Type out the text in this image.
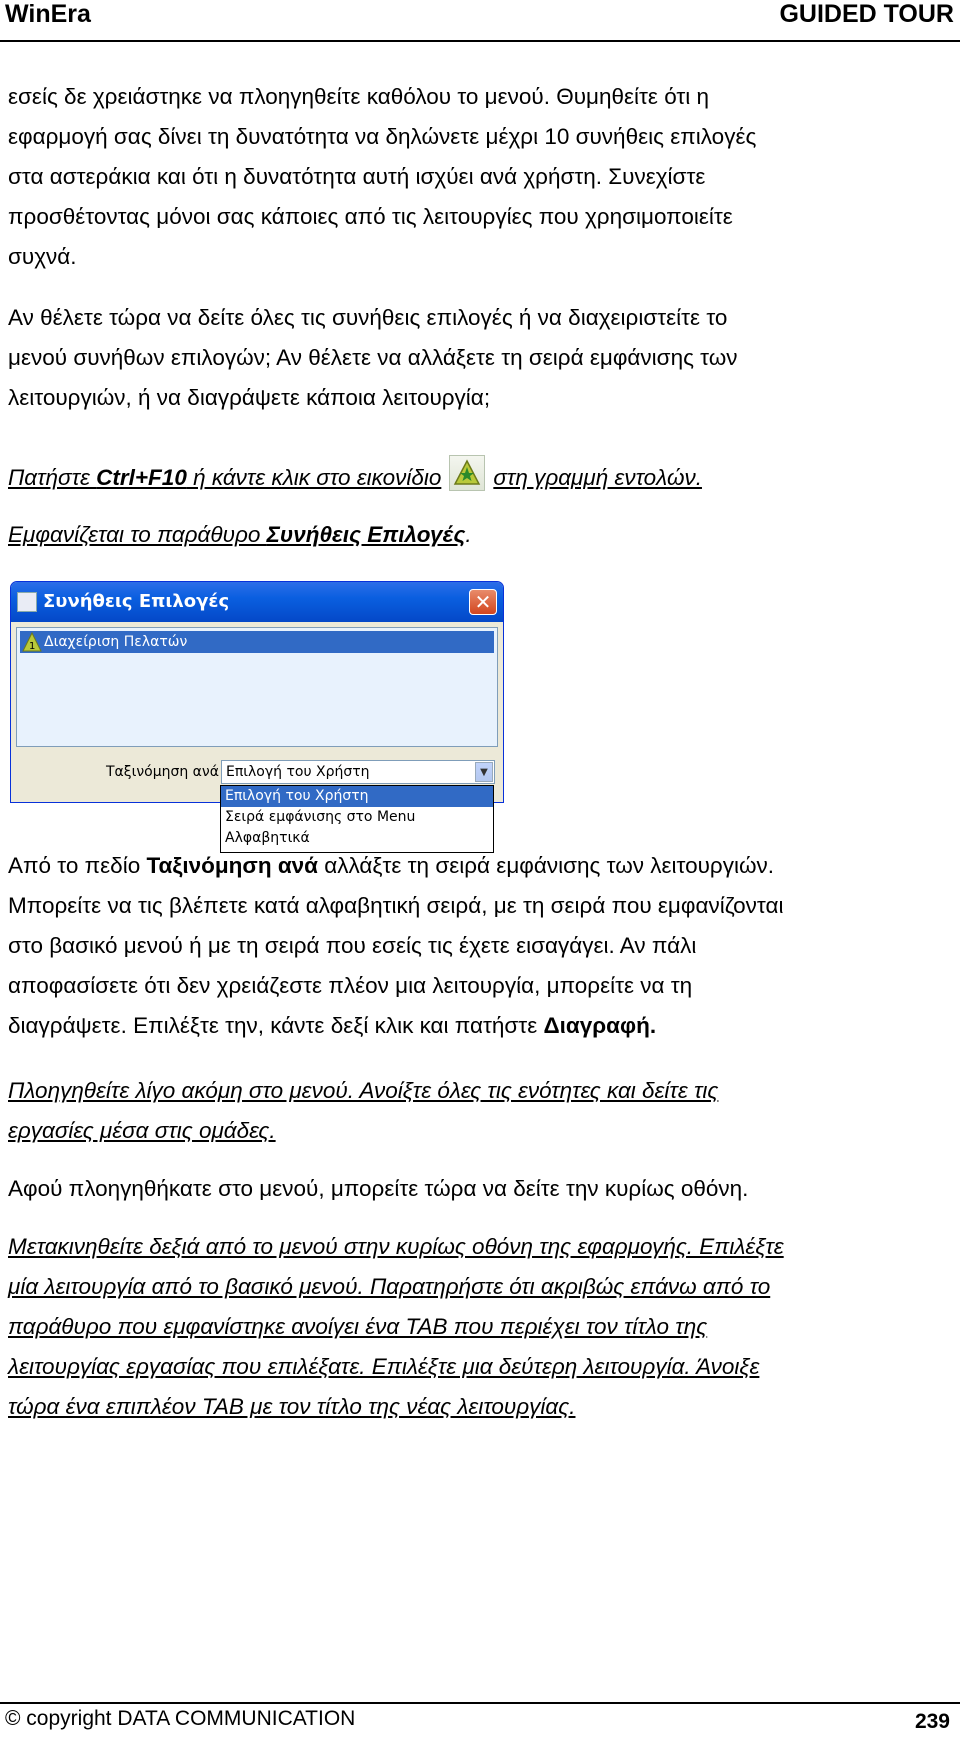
WinEra	GUIDED TOUR
εσείς δε χρειάστηκε να πλοηγηθείτε καθόλου το μενού. Θυμηθείτε ότι η
εφαρμογή σας δίνει τη δυνατότητα να δηλώνετε μέχρι 10 συνήθεις επιλογές
στα αστεράκια και ότι η δυνατότητα αυτή ισχύει ανά χρήστη. Συνεχίστε
προσθέτοντας μόνοι σας κάποιες από τις λειτουργίες που χρησιμοποιείτε
συχνά.
Αν θέλετε τώρα να δείτε όλες τις συνήθεις επιλογές ή να διαχειριστείτε το
μενού συνήθων επιλογών; Αν θέλετε να αλλάξετε τη σειρά εμφάνισης των
λειτουργιών, ή να διαγράψετε κάποια λειτουργία;
Πατήστε Ctrl+F10 ή κάντε κλικ στο εικονίδιο στη γραμμή εντολών.
Εμφανίζεται το παράθυρο Συνήθεις Επιλογές.
Συνήθεις Επιλογές	✕
1 Διαχείριση Πελατών
Ταξινόμηση ανά Επιλογή του Χρήστη	▼
Επιλογή του Χρήστη
Σειρά εμφάνισης στο Menu
Αλφαβητικά
Από το πεδίο Ταξινόμηση ανά αλλάξτε τη σειρά εμφάνισης των λειτουργιών.
Μπορείτε να τις βλέπετε κατά αλφαβητική σειρά, με τη σειρά που εμφανίζονται
στο βασικό μενού ή με τη σειρά που εσείς τις έχετε εισαγάγει. Αν πάλι
αποφασίσετε ότι δεν χρειάζεστε πλέον μια λειτουργία, μπορείτε να τη
διαγράψετε. Επιλέξτε την, κάντε δεξί κλικ και πατήστε Διαγραφή.
Πλοηγηθείτε λίγο ακόμη στο μενού. Ανοίξτε όλες τις ενότητες και δείτε τις
εργασίες μέσα στις ομάδες.
Αφού πλοηγηθήκατε στο μενού, μπορείτε τώρα να δείτε την κυρίως οθόνη.
Μετακινηθείτε δεξιά από το μενού στην κυρίως οθόνη της εφαρμογής. Επιλέξτε
μία λειτουργία από το βασικό μενού. Παρατηρήστε ότι ακριβώς επάνω από το
παράθυρο που εμφανίστηκε ανοίγει ένα TAB που περιέχει τον τίτλο της
λειτουργίας εργασίας που επιλέξατε. Επιλέξτε μια δεύτερη λειτουργία. Άνοιξε
τώρα ένα επιπλέον TAB με τον τίτλο της νέας λειτουργίας.
© copyright DATA COMMUNICATION	239
